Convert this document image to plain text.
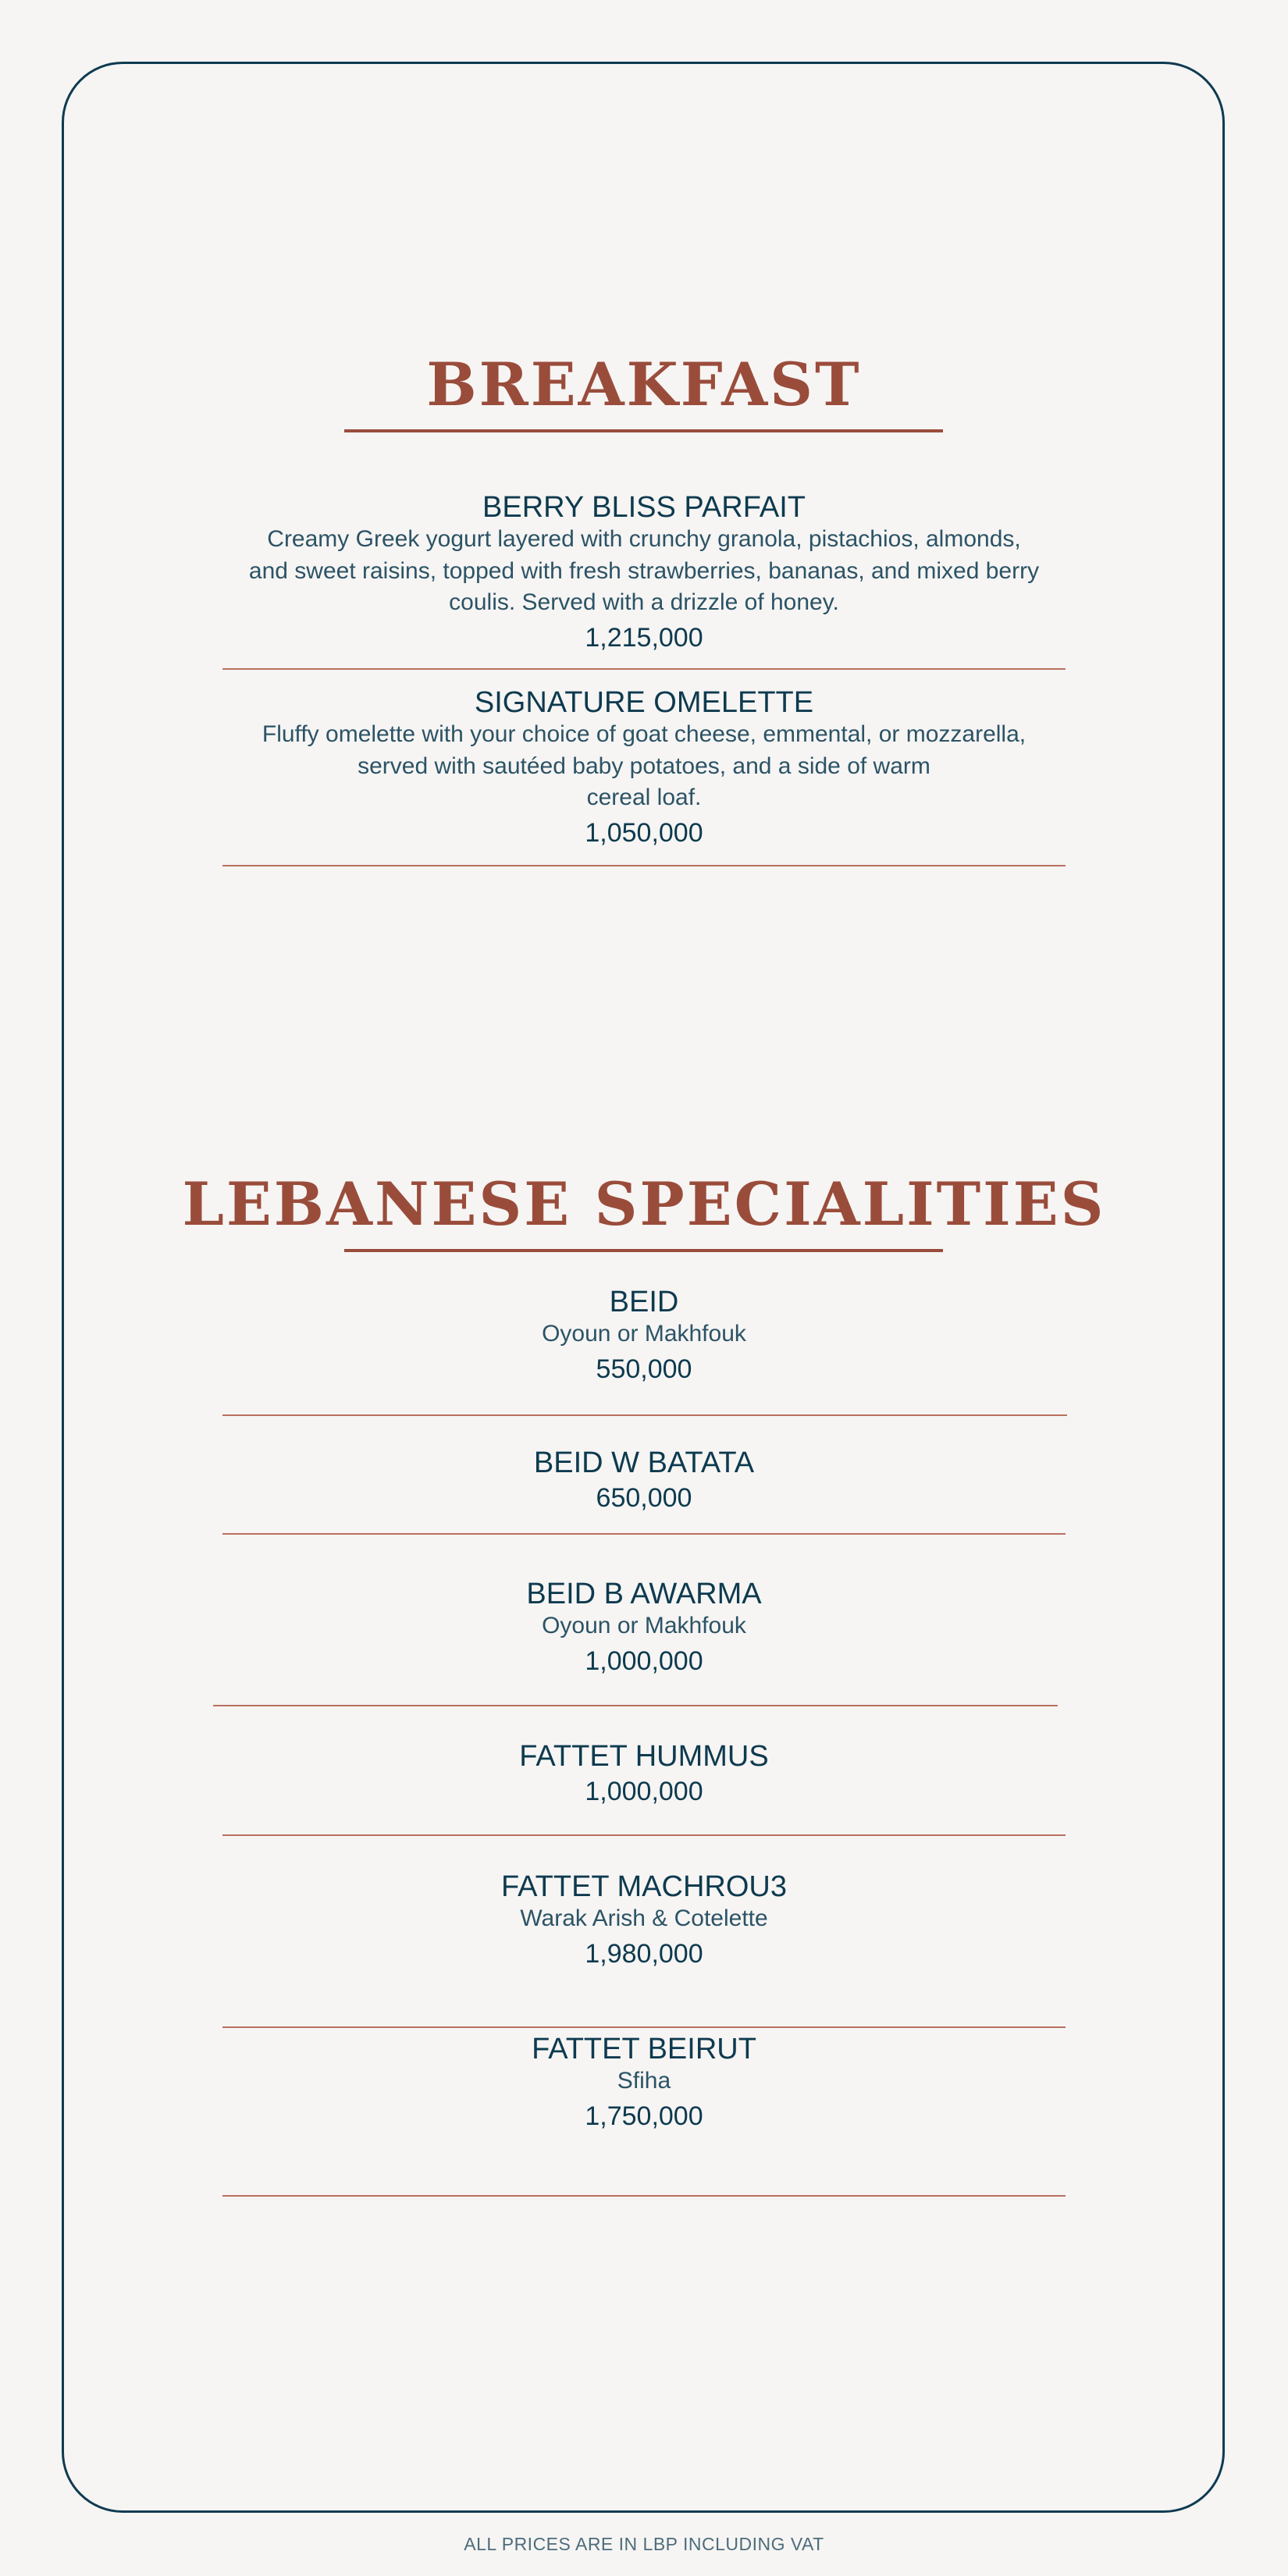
BREAKFAST
BERRY BLISS PARFAIT
Creamy Greek yogurt layered with crunchy granola, pistachios, almonds,
and sweet raisins, topped with fresh strawberries, bananas, and mixed berry
coulis. Served with a drizzle of honey.
1,215,000
SIGNATURE OMELETTE
Fluffy omelette with your choice of goat cheese, emmental, or mozzarella,
served with sautéed baby potatoes, and a side of warm
cereal loaf.
1,050,000
LEBANESE SPECIALITIES
BEID
Oyoun or Makhfouk
550,000
BEID W BATATA
650,000
BEID B AWARMA
Oyoun or Makhfouk
1,000,000
FATTET HUMMUS
1,000,000
FATTET MACHROU3
Warak Arish & Cotelette
1,980,000
FATTET BEIRUT
Sfiha
1,750,000
ALL PRICES ARE IN LBP INCLUDING VAT
